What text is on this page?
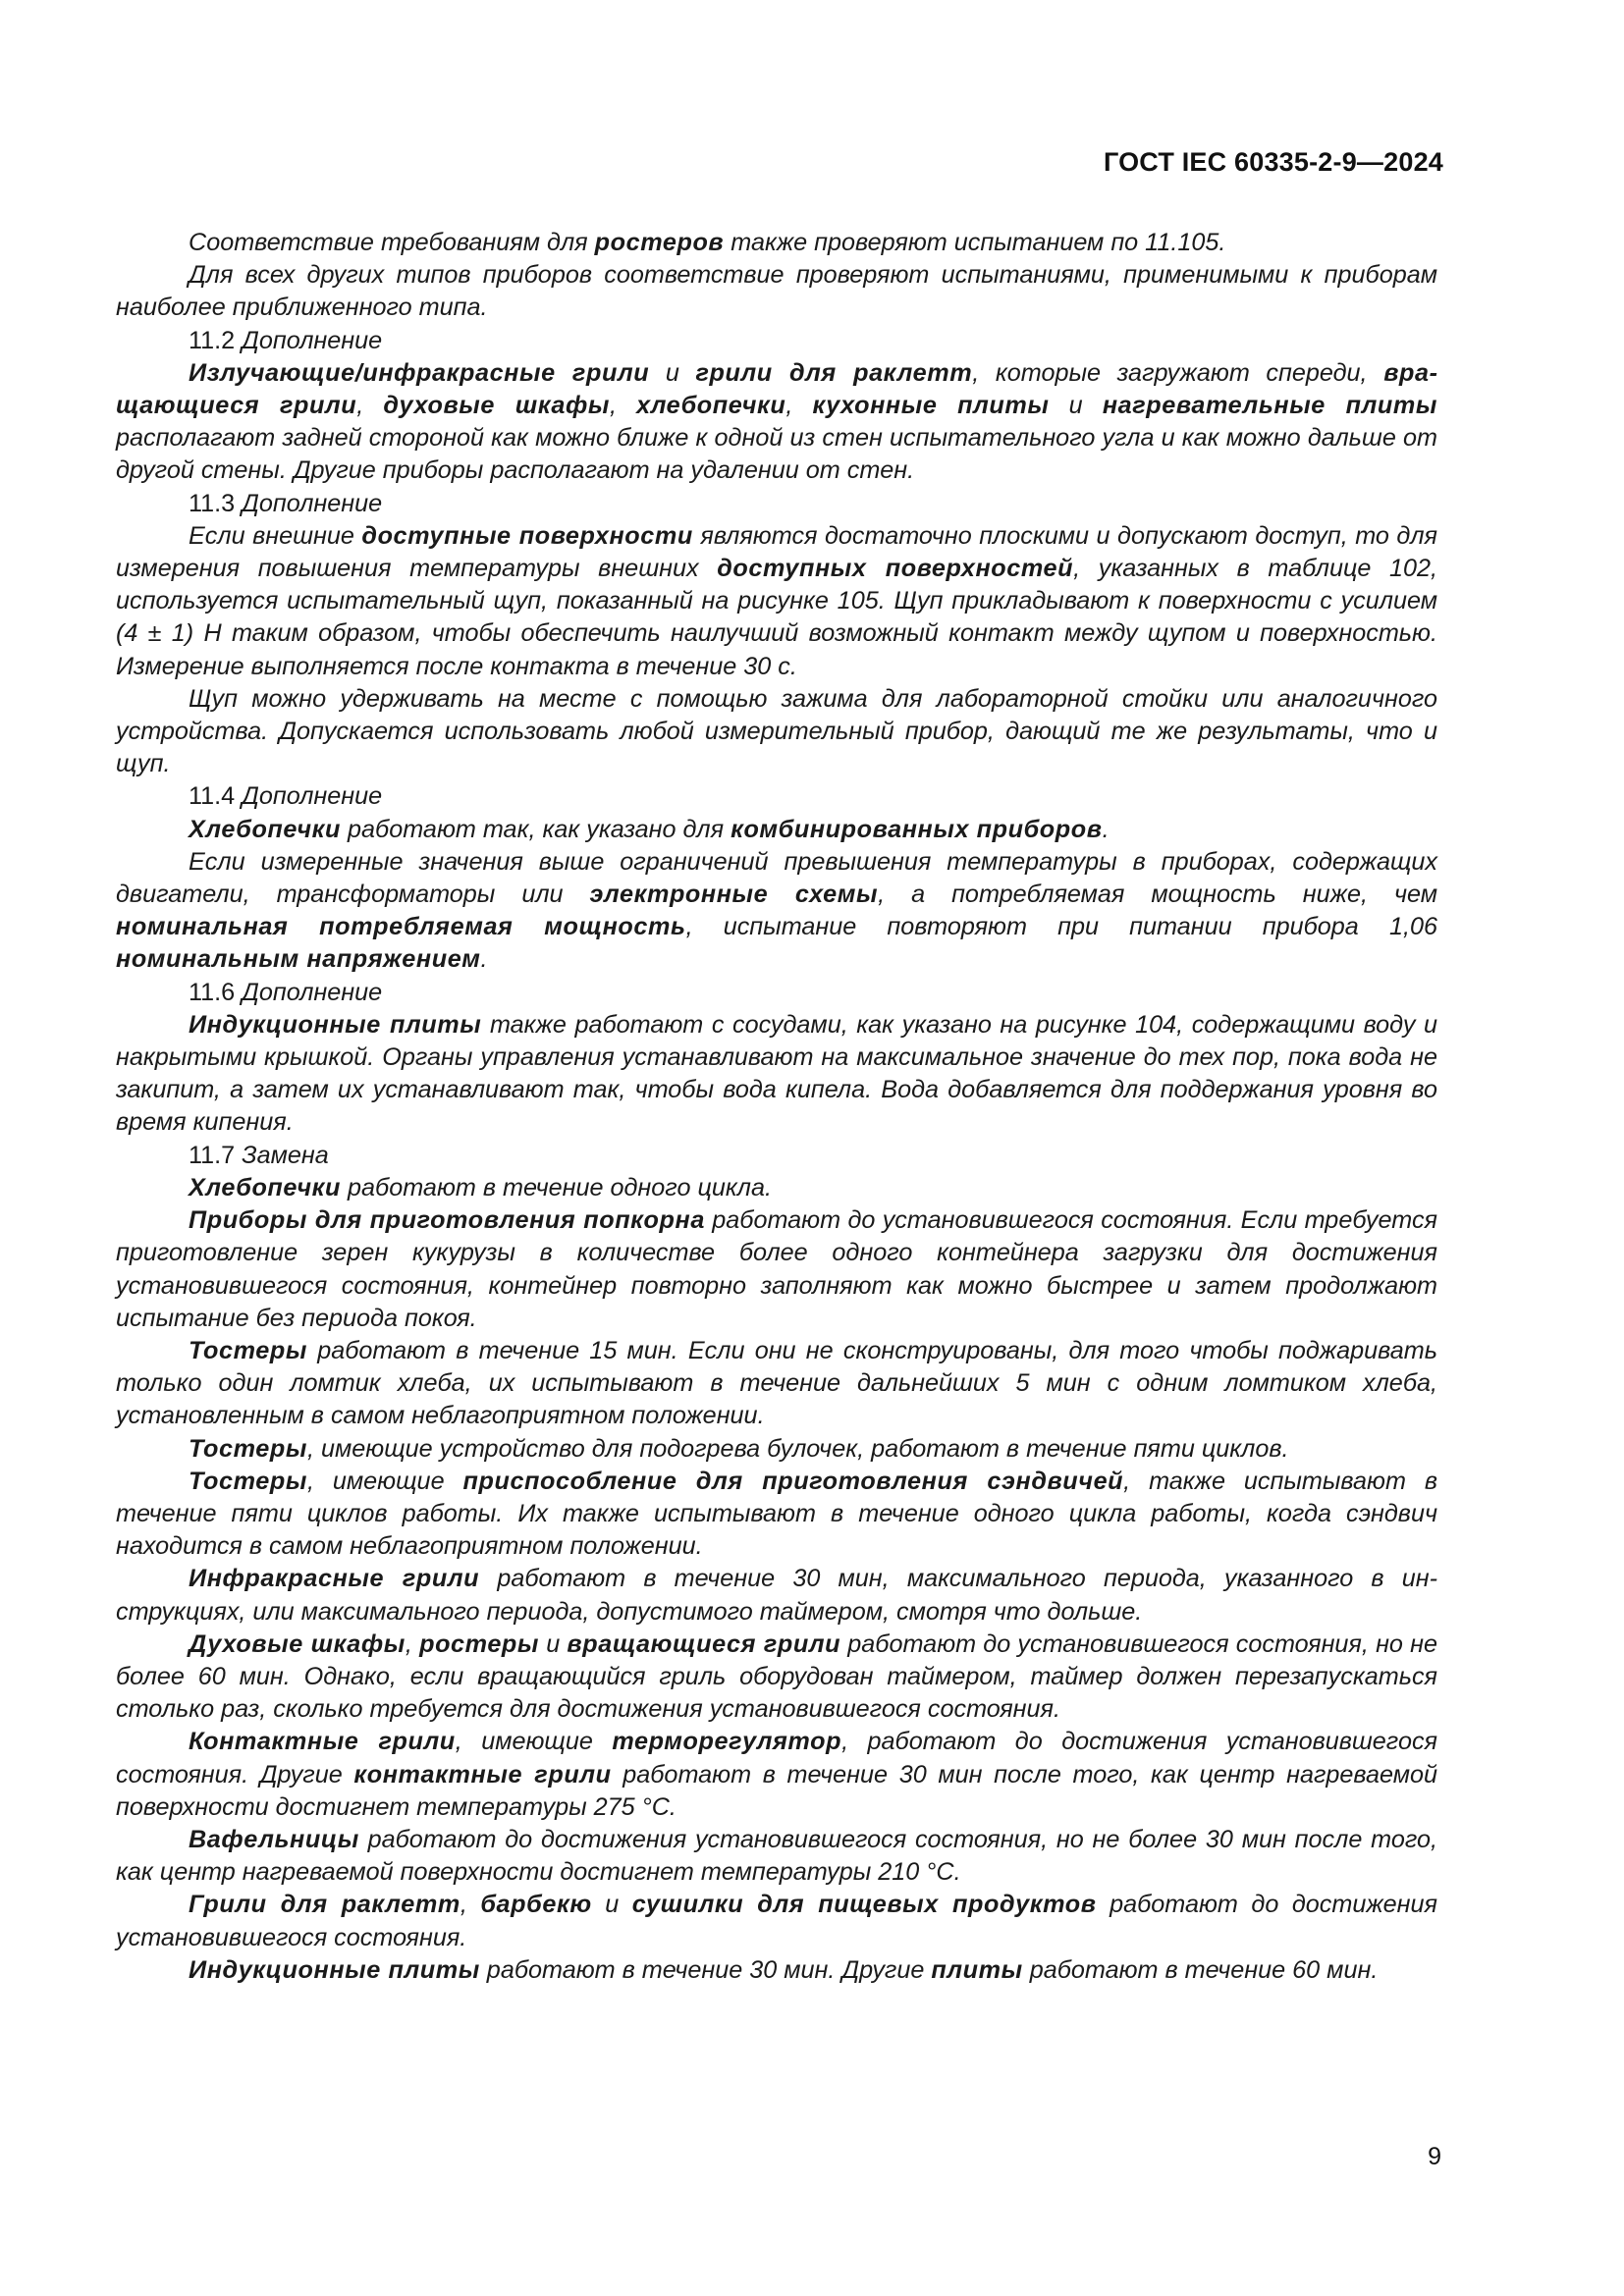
ГОСТ IEC 60335-2-9—2024

Соответствие требованиям для ростеров также проверяют испытанием по 11.105.

Для всех других типов приборов соответствие проверяют испытаниями, применимыми к приборам наиболее приближенного типа.

11.2 Дополнение

Излучающие/инфракрасные грили и грили для раклетт, которые загружают спереди, вращающиеся грили, духовые шкафы, хлебопечки, кухонные плиты и нагревательные плиты располагают задней стороной как можно ближе к одной из стен испытательного угла и как можно дальше от другой стены. Другие приборы располагают на удалении от стен.

11.3 Дополнение

Если внешние доступные поверхности являются достаточно плоскими и допускают доступ, то для измерения повышения температуры внешних доступных поверхностей, указанных в таблице 102, используется испытательный щуп, показанный на рисунке 105. Щуп прикладывают к поверхности с усилием (4 ± 1) Н таким образом, чтобы обеспечить наилучший возможный контакт между щупом и поверхностью. Измерение выполняется после контакта в течение 30 с.

Щуп можно удерживать на месте с помощью зажима для лабораторной стойки или аналогичного устройства. Допускается использовать любой измерительный прибор, дающий те же результаты, что и щуп.

11.4 Дополнение

Хлебопечки работают так, как указано для комбинированных приборов.

Если измеренные значения выше ограничений превышения температуры в приборах, содержащих двигатели, трансформаторы или электронные схемы, а потребляемая мощность ниже, чем номинальная потребляемая мощность, испытание повторяют при питании прибора 1,06 номинальным напряжением.

11.6 Дополнение

Индукционные плиты также работают с сосудами, как указано на рисунке 104, содержащими воду и накрытыми крышкой. Органы управления устанавливают на максимальное значение до тех пор, пока вода не закипит, а затем их устанавливают так, чтобы вода кипела. Вода добавляется для поддержания уровня во время кипения.

11.7 Замена

Хлебопечки работают в течение одного цикла.

Приборы для приготовления попкорна работают до установившегося состояния. Если требуется приготовление зерен кукурузы в количестве более одного контейнера загрузки для достижения установившегося состояния, контейнер повторно заполняют как можно быстрее и затем продолжают испытание без периода покоя.

Тостеры работают в течение 15 мин. Если они не сконструированы, для того чтобы поджаривать только один ломтик хлеба, их испытывают в течение дальнейших 5 мин с одним ломтиком хлеба, установленным в самом неблагоприятном положении.

Тостеры, имеющие устройство для подогрева булочек, работают в течение пяти циклов.

Тостеры, имеющие приспособление для приготовления сэндвичей, также испытывают в течение пяти циклов работы. Их также испытывают в течение одного цикла работы, когда сэндвич находится в самом неблагоприятном положении.

Инфракрасные грили работают в течение 30 мин, максимального периода, указанного в инструкциях, или максимального периода, допустимого таймером, смотря что дольше.

Духовые шкафы, ростеры и вращающиеся грили работают до установившегося состояния, но не более 60 мин. Однако, если вращающийся гриль оборудован таймером, таймер должен перезапускаться столько раз, сколько требуется для достижения установившегося состояния.

Контактные грили, имеющие терморегулятор, работают до достижения установившегося состояния. Другие контактные грили работают в течение 30 мин после того, как центр нагреваемой поверхности достигнет температуры 275 °C.

Вафельницы работают до достижения установившегося состояния, но не более 30 мин после того, как центр нагреваемой поверхности достигнет температуры 210 °C.

Грили для раклетт, барбекю и сушилки для пищевых продуктов работают до достижения установившегося состояния.

Индукционные плиты работают в течение 30 мин. Другие плиты работают в течение 60 мин.

9
